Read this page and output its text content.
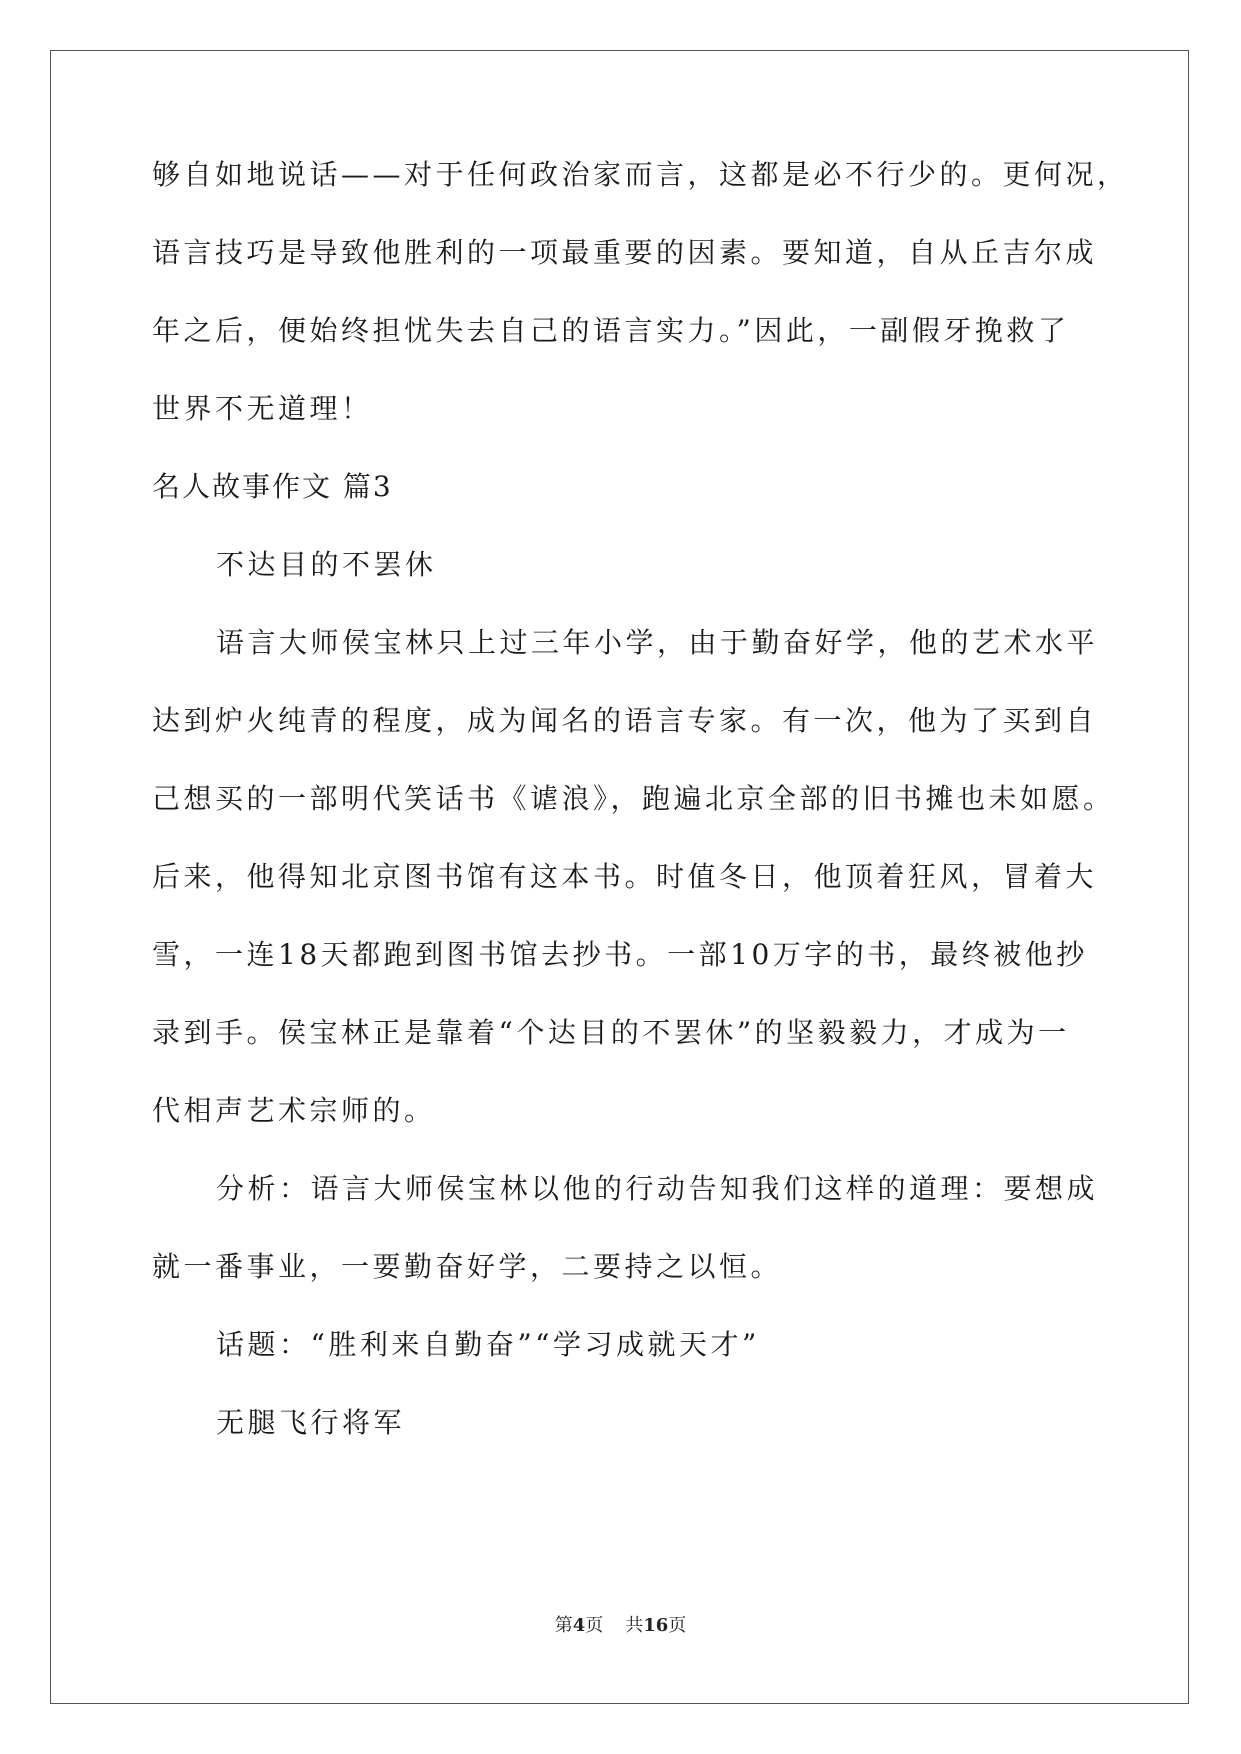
够自如地说话——对于任何政治家而言，这都是必不行少的。更何况，
语言技巧是导致他胜利的一项最重要的因素。要知道，自从丘吉尔成
年之后，便始终担忧失去自己的语言实力。”因此，一副假牙挽救了
世界不无道理！
名人故事作文 篇3
不达目的不罢休
语言大师侯宝林只上过三年小学，由于勤奋好学，他的艺术水平
达到炉火纯青的程度，成为闻名的语言专家。有一次，他为了买到自
己想买的一部明代笑话书《谑浪》，跑遍北京全部的旧书摊也未如愿。
后来，他得知北京图书馆有这本书。时值冬日，他顶着狂风，冒着大
雪，一连18天都跑到图书馆去抄书。一部10万字的书，最终被他抄
录到手。侯宝林正是靠着“个达目的不罢休”的坚毅毅力，才成为一
代相声艺术宗师的。
分析：语言大师侯宝林以他的行动告知我们这样的道理：要想成
就一番事业，一要勤奋好学，二要持之以恒。
话题：“胜利来自勤奋”“学习成就天才”
无腿飞行将军
第4页 共16页
